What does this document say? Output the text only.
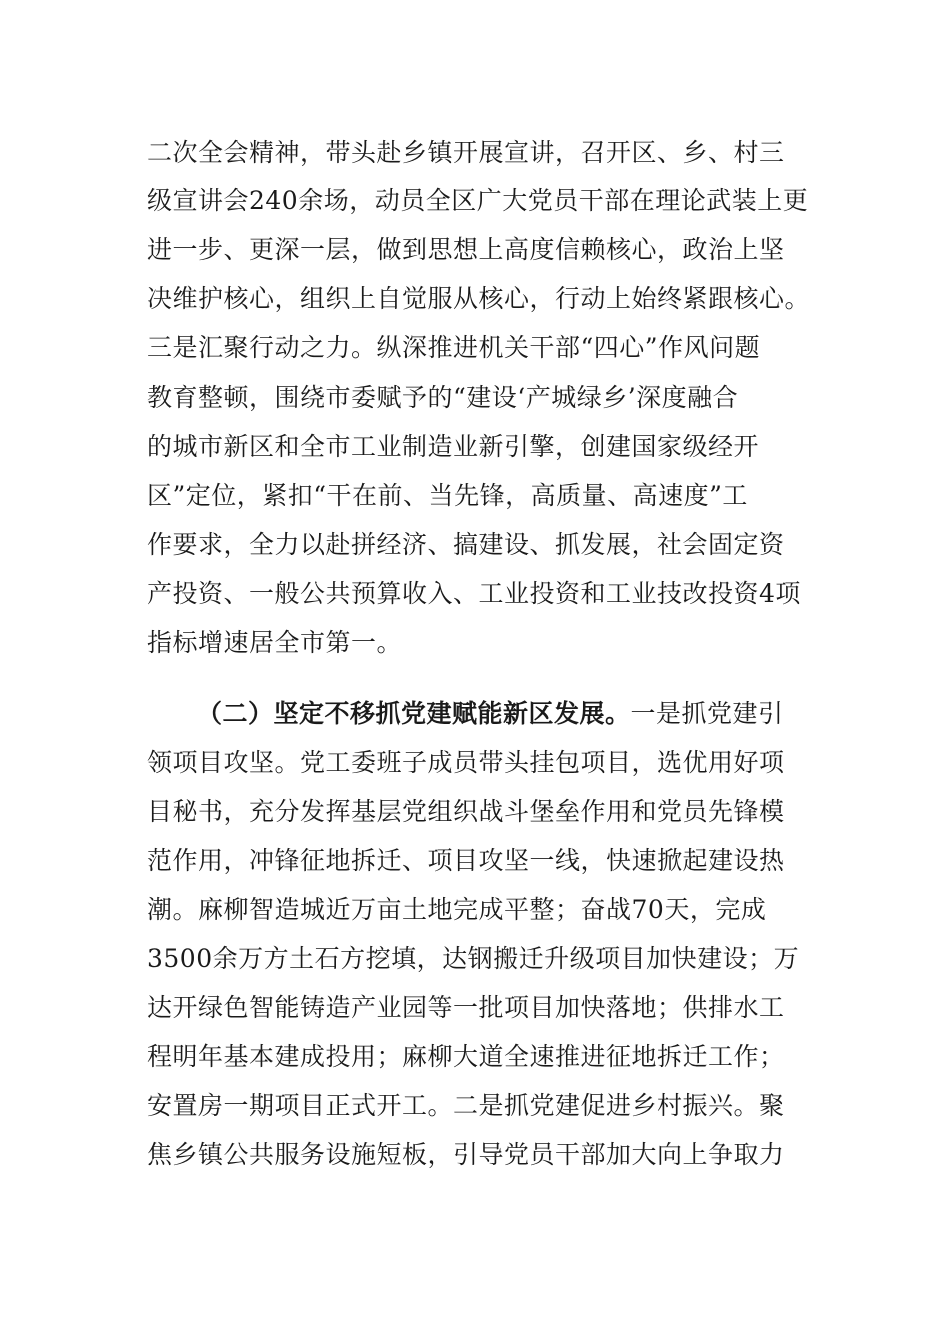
二次全会精神，带头赴乡镇开展宣讲，召开区、乡、村三
级宣讲会240余场，动员全区广大党员干部在理论武装上更
进一步、更深一层，做到思想上高度信赖核心，政治上坚
决维护核心，组织上自觉服从核心，行动上始终紧跟核心。
三是汇聚行动之力。纵深推进机关干部“四心”作风问题
教育整顿，围绕市委赋予的“建设‘产城绿乡’深度融合
的城市新区和全市工业制造业新引擎，创建国家级经开
区”定位，紧扣“干在前、当先锋，高质量、高速度”工
作要求，全力以赴拼经济、搞建设、抓发展，社会固定资
产投资、一般公共预算收入、工业投资和工业技改投资4项
指标增速居全市第一。
（二）坚定不移抓党建赋能新区发展。一是抓党建引
领项目攻坚。党工委班子成员带头挂包项目，选优用好项
目秘书，充分发挥基层党组织战斗堡垒作用和党员先锋模
范作用，冲锋征地拆迁、项目攻坚一线，快速掀起建设热
潮。麻柳智造城近万亩土地完成平整；奋战70天，完成
3500余万方土石方挖填，达钢搬迁升级项目加快建设；万
达开绿色智能铸造产业园等一批项目加快落地；供排水工
程明年基本建成投用；麻柳大道全速推进征地拆迁工作；
安置房一期项目正式开工。二是抓党建促进乡村振兴。聚
焦乡镇公共服务设施短板，引导党员干部加大向上争取力
